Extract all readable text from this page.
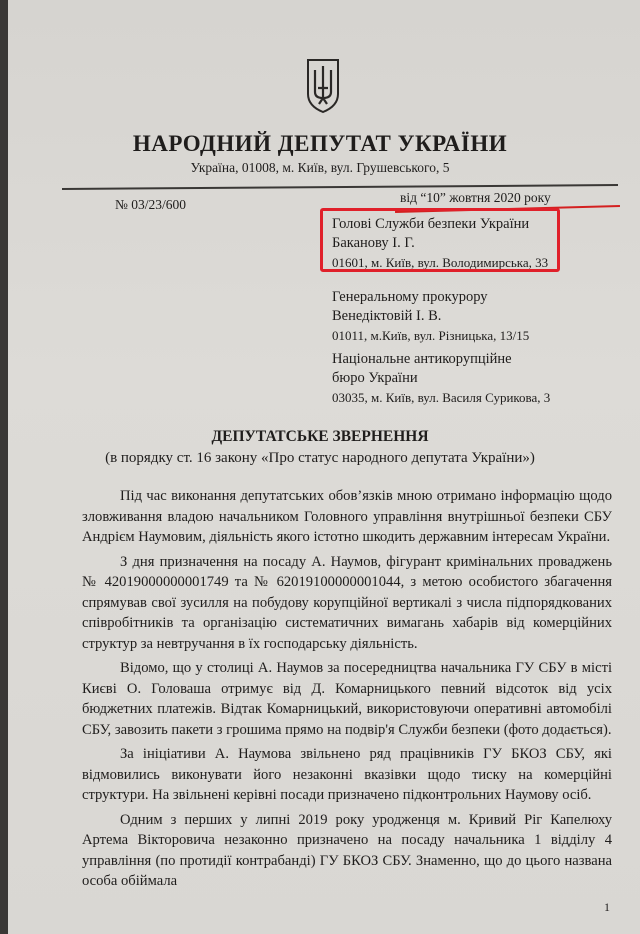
НАРОДНИЙ ДЕПУТАТ УКРАЇНИ
Україна, 01008, м. Київ, вул. Грушевського, 5
№ 03/23/600	від “10” жовтня 2020 року
Голові Служби безпеки України
Баканову І. Г.
01601, м. Київ, вул. Володимирська, 33
Генеральному прокурору
Венедіктовій І. В.
01011, м.Київ, вул. Різницька, 13/15
Національне антикорупційне
бюро України
03035, м. Київ, вул. Василя Сурикова, 3
ДЕПУТАТСЬКЕ ЗВЕРНЕННЯ
(в порядку ст. 16 закону «Про статус народного депутата України»)

Під час виконання депутатських обов’язків мною отримано інформацію щодо зловживання владою начальником Головного управління внутрішньої безпеки СБУ Андрієм Наумовим, діяльність якого істотно шкодить державним інтересам України.

З дня призначення на посаду А. Наумов, фігурант кримінальних проваджень № 42019000000001749 та № 62019100000001044, з метою особистого збагачення спрямував свої зусилля на побудову корупційної вертикалі з числа підпорядкованих співробітників та організацію систематичних вимагань хабарів від комерційних структур за невтручання в їх господарську діяльність.

Відомо, що у столиці А. Наумов за посередництва начальника ГУ СБУ в місті Києві О. Головаша отримує від Д. Комарницького певний відсоток від усіх бюджетних платежів. Відтак Комарницький, використовуючи оперативні автомобілі СБУ, завозить пакети з грошима прямо на подвір'я Служби безпеки (фото додається).

За ініціативи А. Наумова звільнено ряд працівників ГУ БКОЗ СБУ, які відмовились виконувати його незаконні вказівки щодо тиску на комерційні структури. На звільнені керівні посади призначено підконтрольних Наумову осіб.

Одним з перших у липні 2019 року уродженця м. Кривий Ріг Капелюху Артема Вікторовича незаконно призначено на посаду начальника 1 відділу 4 управління (по протидії контрабанді) ГУ БКОЗ СБУ. Знаменно, що до цього названа особа обіймала

1
